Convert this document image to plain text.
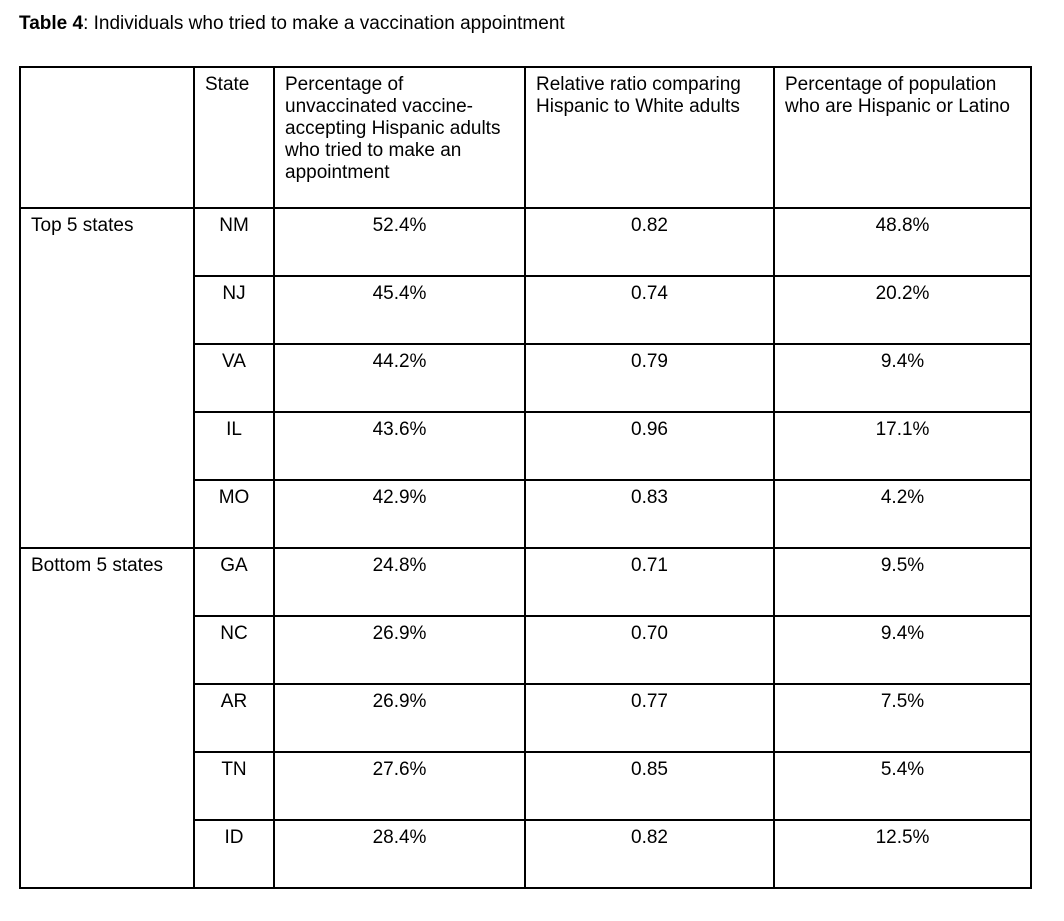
Table 4: Individuals who tried to make a vaccination appointment
	State	Percentage of unvaccinated vaccine-accepting Hispanic adults who tried to make an appointment	Relative ratio comparing Hispanic to White adults	Percentage of population who are Hispanic or Latino
Top 5 states	NM	52.4%	0.82	48.8%
	NJ	45.4%	0.74	20.2%
	VA	44.2%	0.79	9.4%
	IL	43.6%	0.96	17.1%
	MO	42.9%	0.83	4.2%
Bottom 5 states	GA	24.8%	0.71	9.5%
	NC	26.9%	0.70	9.4%
	AR	26.9%	0.77	7.5%
	TN	27.6%	0.85	5.4%
	ID	28.4%	0.82	12.5%
